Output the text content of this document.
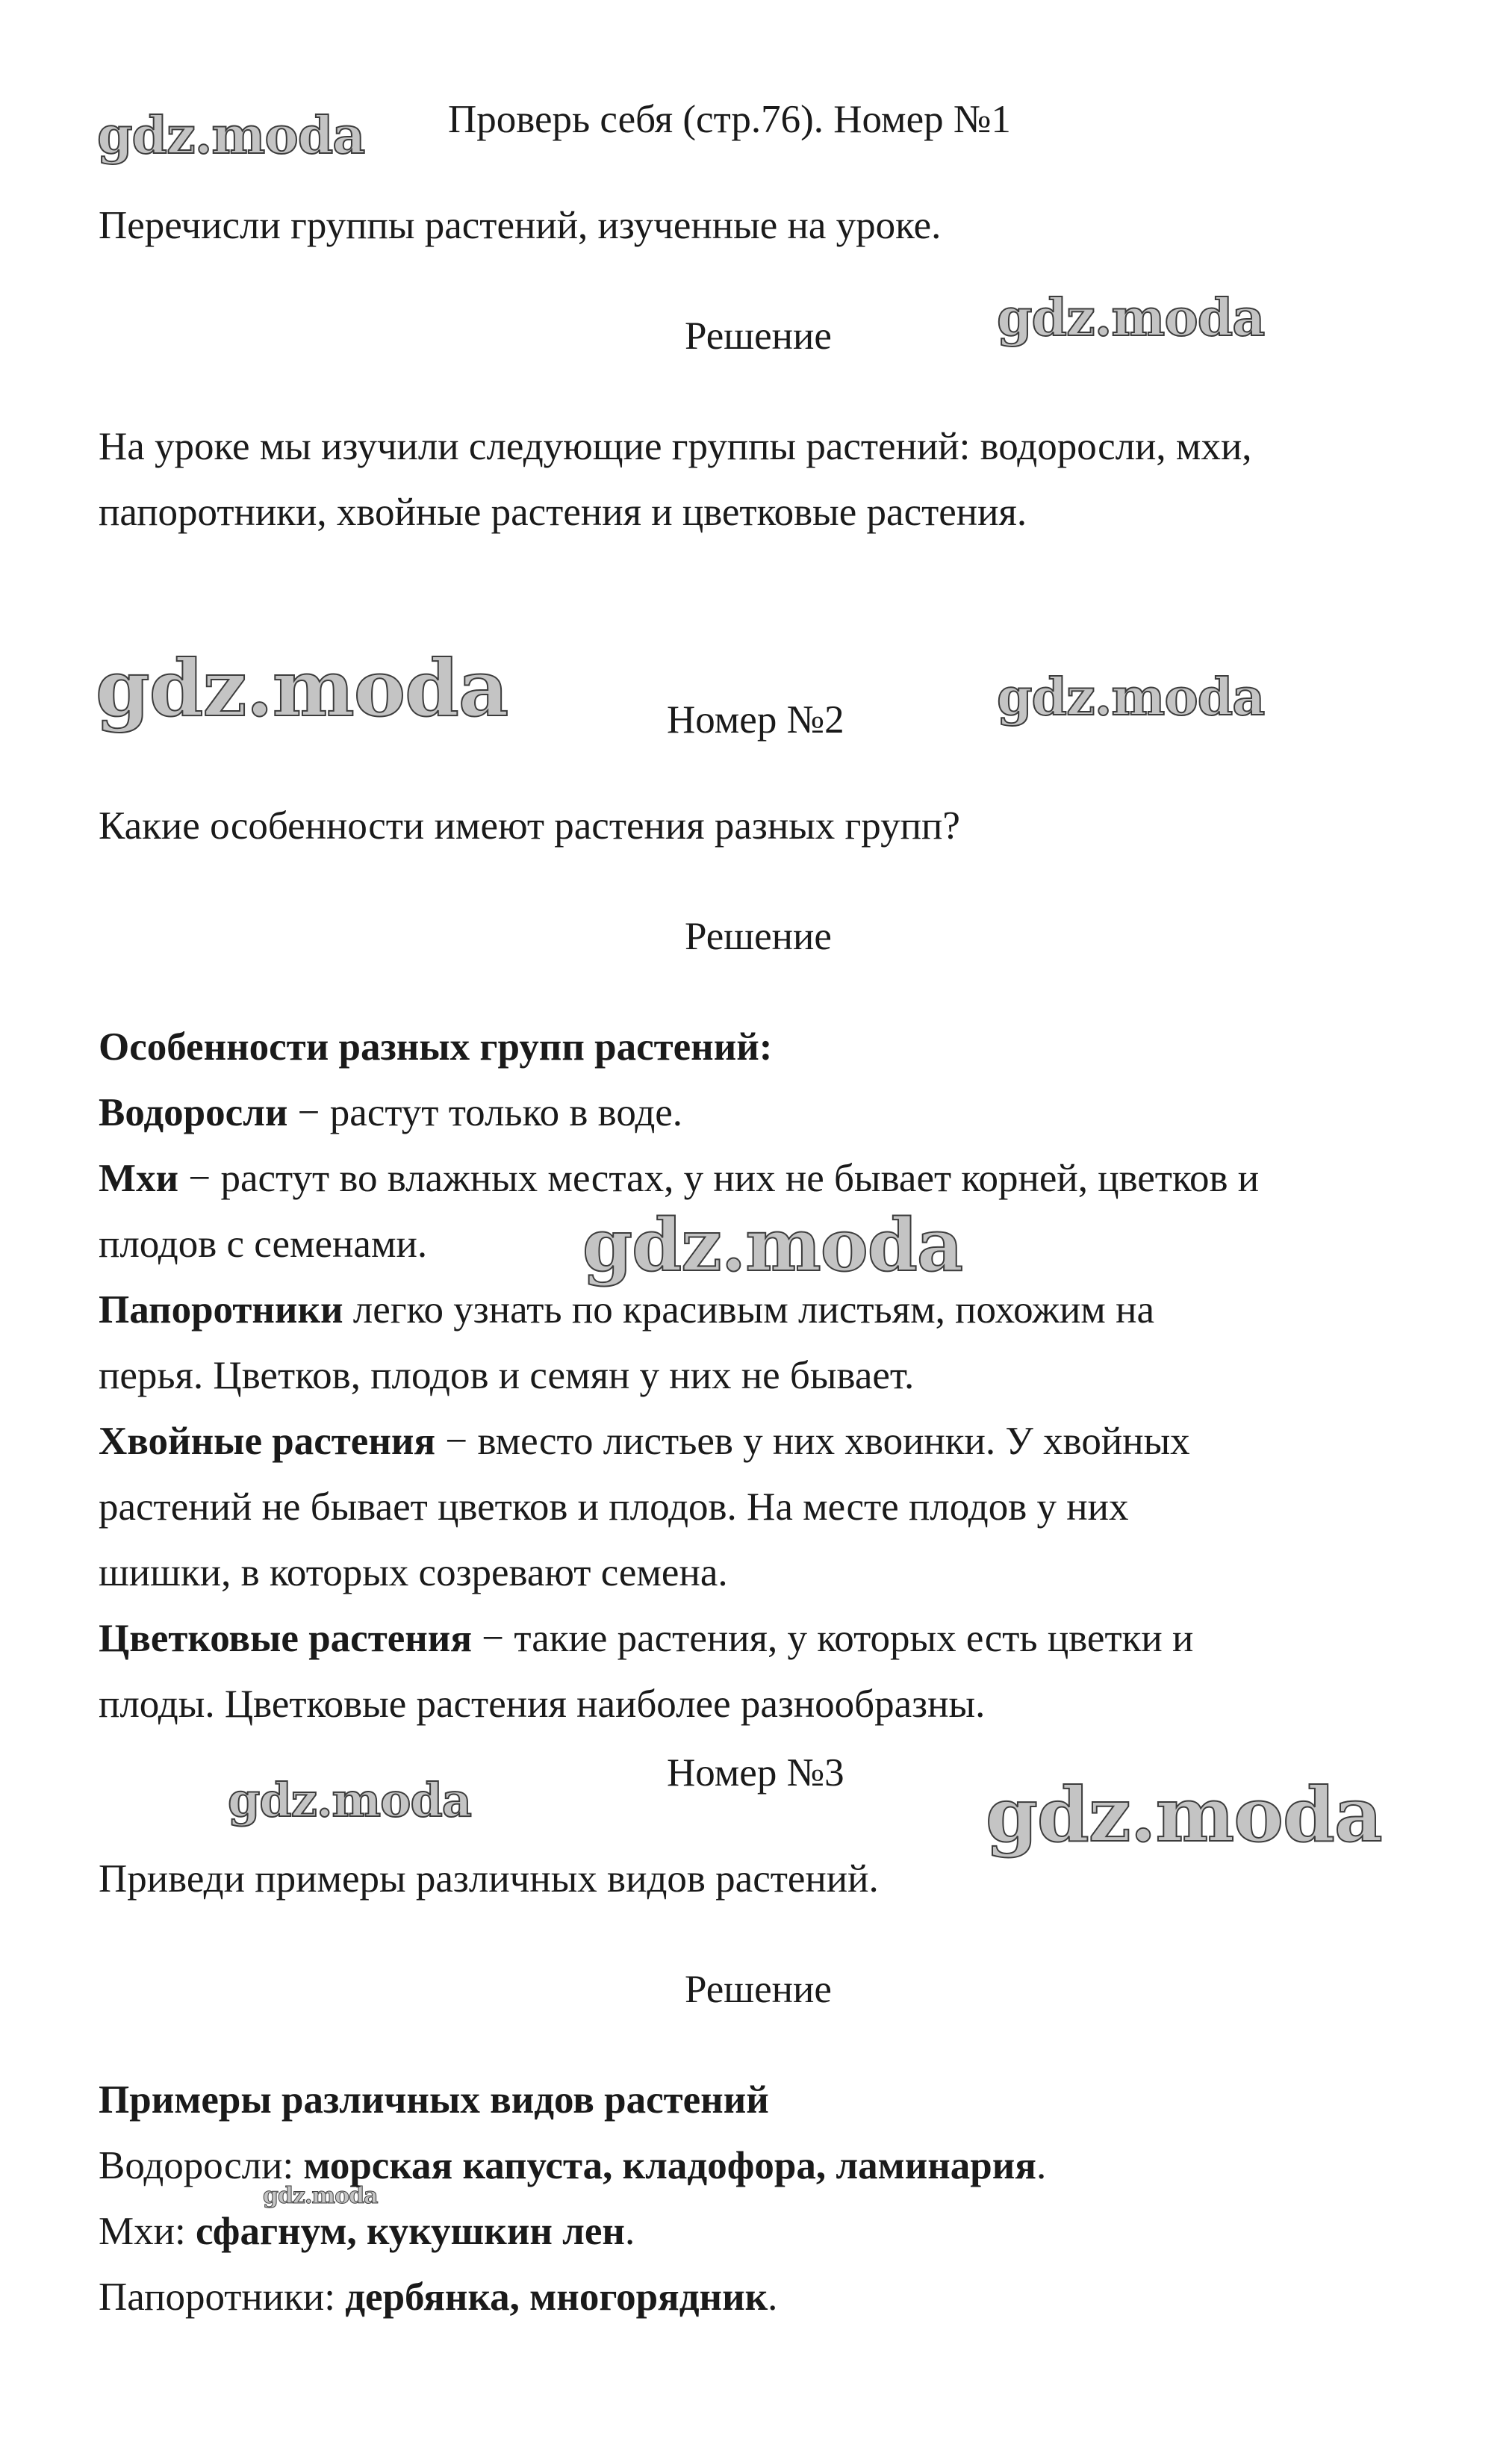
gdz.moda
gdz.moda
gdz.moda	gdz.moda
gdz.moda
gdz.moda	gdz.moda
gdz.moda
Проверь себя (стр.76). Номер №1
Перечисли группы растений, изученные на уроке.
Решение
На уроке мы изучили следующие группы растений: водоросли, мхи,
папоротники, хвойные растения и цветковые растения.
Номер №2
Какие особенности имеют растения разных групп?
Решение
Особенности разных групп растений:
Водоросли − растут только в воде.
Мхи − растут во влажных местах, у них не бывает корней, цветков и
плодов с семенами.
Папоротники легко узнать по красивым листьям, похожим на
перья. Цветков, плодов и семян у них не бывает.
Хвойные растения − вместо листьев у них хвоинки. У хвойных
растений не бывает цветков и плодов. На месте плодов у них
шишки, в которых созревают семена.
Цветковые растения − такие растения, у которых есть цветки и
плоды. Цветковые растения наиболее разнообразны.
Номер №3
Приведи примеры различных видов растений.
Решение
Примеры различных видов растений
Водоросли: морская капуста, кладофора, ламинария.
Мхи: сфагнум, кукушкин лен.
Папоротники: дербянка, многорядник.
